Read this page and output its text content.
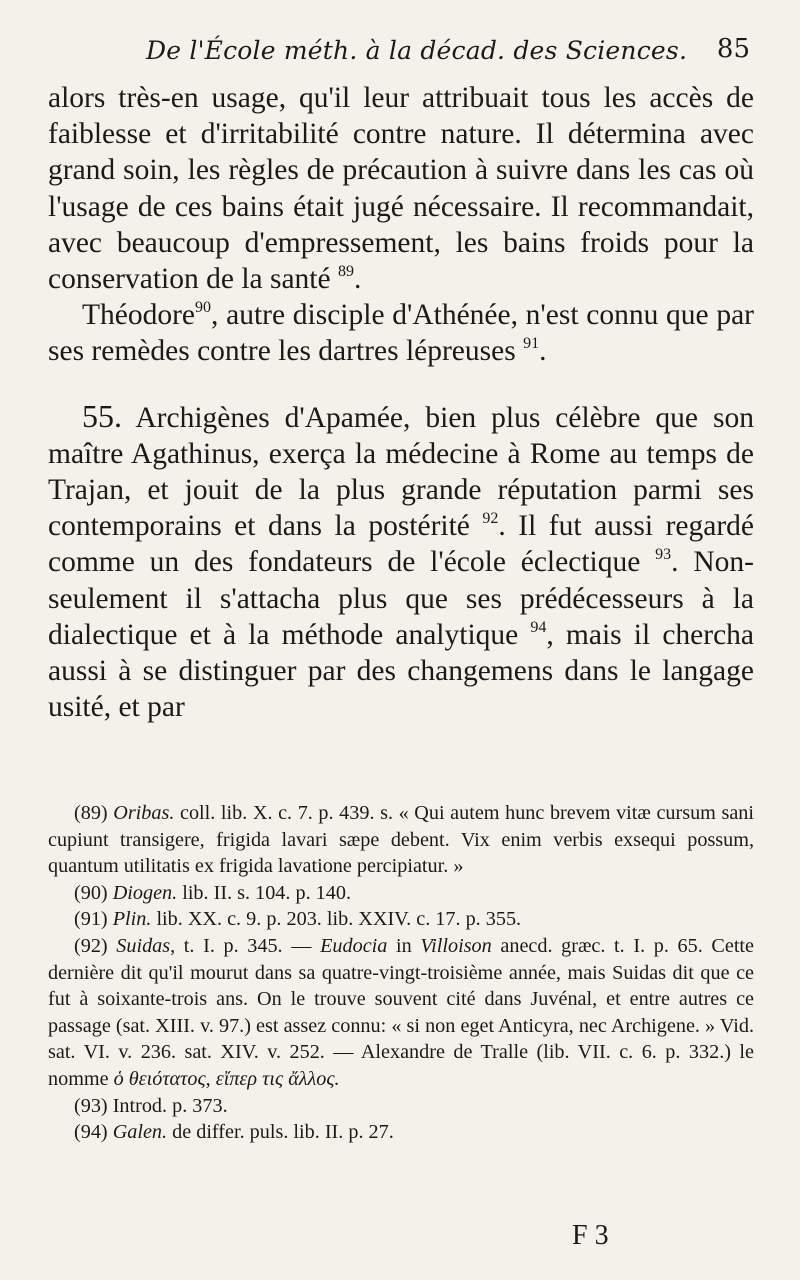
De l'École méth. à la décad. des Sciences. 85

alors très-en usage, qu'il leur attribuait tous les accès de faiblesse et d'irritabilité contre nature. Il détermina avec grand soin, les règles de précaution à suivre dans les cas où l'usage de ces bains était jugé nécessaire. Il recommandait, avec beaucoup d'empressement, les bains froids pour la conservation de la santé $^{89}$.

Théodore$^{90}$, autre disciple d'Athénée, n'est connu que par ses remèdes contre les dartres lépreuses $^{91}$.

55. Archigènes d'Apamée, bien plus célèbre que son maître Agathinus, exerça la médecine à Rome au temps de Trajan, et jouit de la plus grande réputation parmi ses contemporains et dans la postérité $^{92}$. Il fut aussi regardé comme un des fondateurs de l'école éclectique $^{93}$. Non-seulement il s'attacha plus que ses prédécesseurs à la dialectique et à la méthode analytique $^{94}$, mais il chercha aussi à se distinguer par des changemens dans le langage usité, et par

(89) Oribas. coll. lib. X. c. 7. p. 439. s. « Qui autem hunc brevem vitæ cursum sani cupiunt transigere, frigida lavari sæpe debent. Vix enim verbis exsequi possum, quantum utilitatis ex frigida lavatione percipiatur. »

(90) Diogen. lib. II. s. 104. p. 140.

(91) Plin. lib. XX. c. 9. p. 203. lib. XXIV. c. 17. p. 355.

(92) Suidas, t. I. p. 345. — Eudocia in Villoison anecd. græc. t. I. p. 65. Cette dernière dit qu'il mourut dans sa quatre-vingt-troisième année, mais Suidas dit que ce fut à soixante-trois ans. On le trouve souvent cité dans Juvénal, et entre autres ce passage (sat. XIII. v. 97.) est assez connu: « si non eget Anticyra, nec Archigene. » Vid. sat. VI. v. 236. sat. XIV. v. 252. — Alexandre de Tralle (lib. VII. c. 6. p. 332.) le nomme ὁ θειότατος, εἴπερ τις ἄλλος.

(93) Introd. p. 373.

(94) Galen. de differ. puls. lib. II. p. 27.

F 3
